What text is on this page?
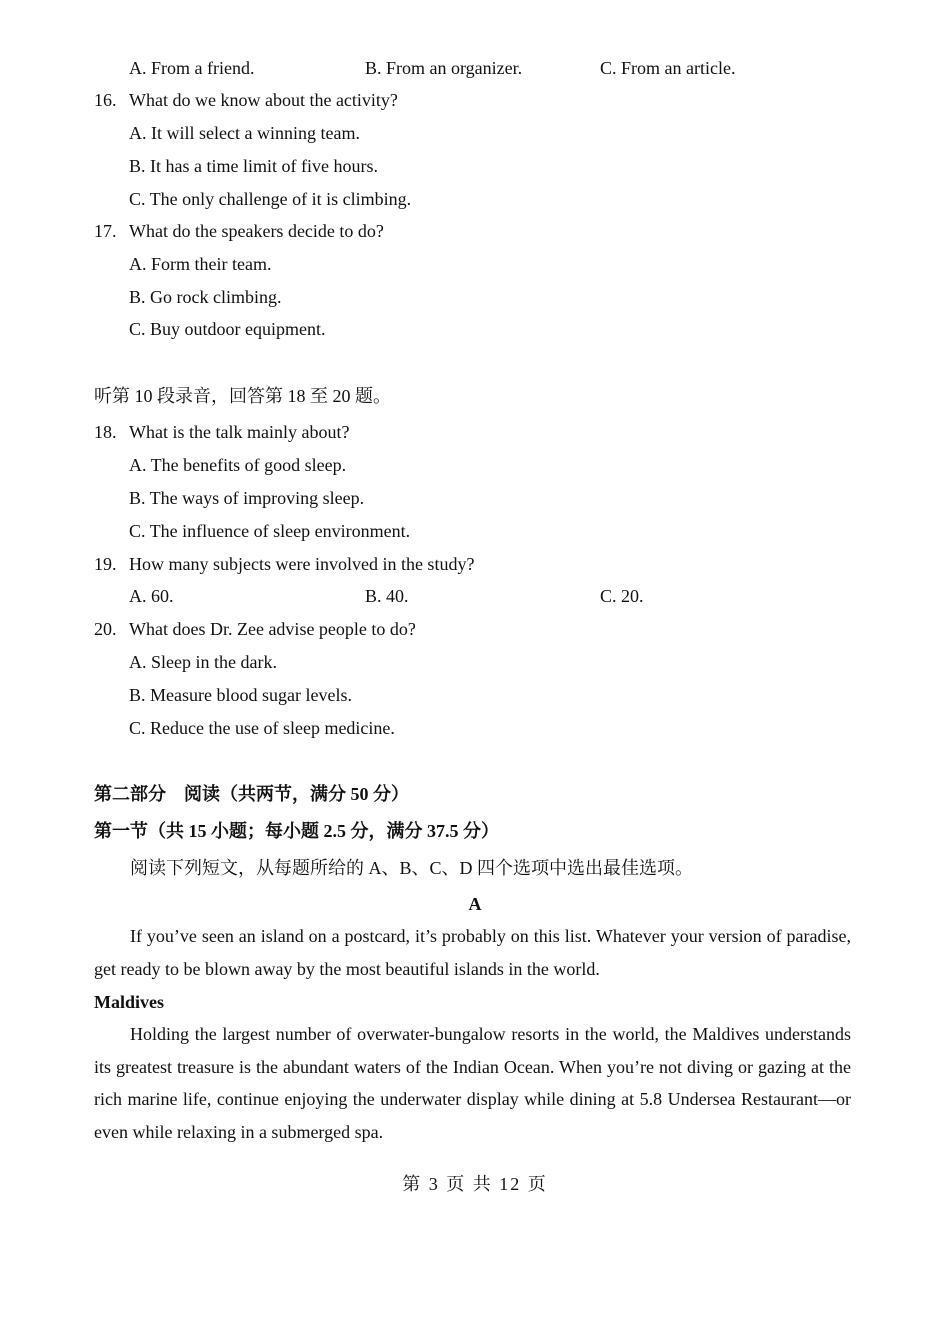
A. From a friend.	B. From an organizer.	C. From an article.
16. What do we know about the activity?
A. It will select a winning team.
B. It has a time limit of five hours.
C. The only challenge of it is climbing.
17. What do the speakers decide to do?
A. Form their team.
B. Go rock climbing.
C. Buy outdoor equipment.
听第 10 段录音，回答第 18 至 20 题。
18. What is the talk mainly about?
A. The benefits of good sleep.
B. The ways of improving sleep.
C. The influence of sleep environment.
19. How many subjects were involved in the study?
A. 60.	B. 40.	C. 20.
20. What does Dr. Zee advise people to do?
A. Sleep in the dark.
B. Measure blood sugar levels.
C. Reduce the use of sleep medicine.
第二部分　阅读（共两节，满分 50 分）
第一节（共 15 小题；每小题 2.5 分，满分 37.5 分）
阅读下列短文，从每题所给的 A、B、C、D 四个选项中选出最佳选项。
A
If you’ve seen an island on a postcard, it’s probably on this list. Whatever your version of paradise, get ready to be blown away by the most beautiful islands in the world.
Maldives
Holding the largest number of overwater-bungalow resorts in the world, the Maldives understands its greatest treasure is the abundant waters of the Indian Ocean. When you’re not diving or gazing at the rich marine life, continue enjoying the underwater display while dining at 5.8 Undersea Restaurant—or even while relaxing in a submerged spa.
第 3 页 共 12 页
